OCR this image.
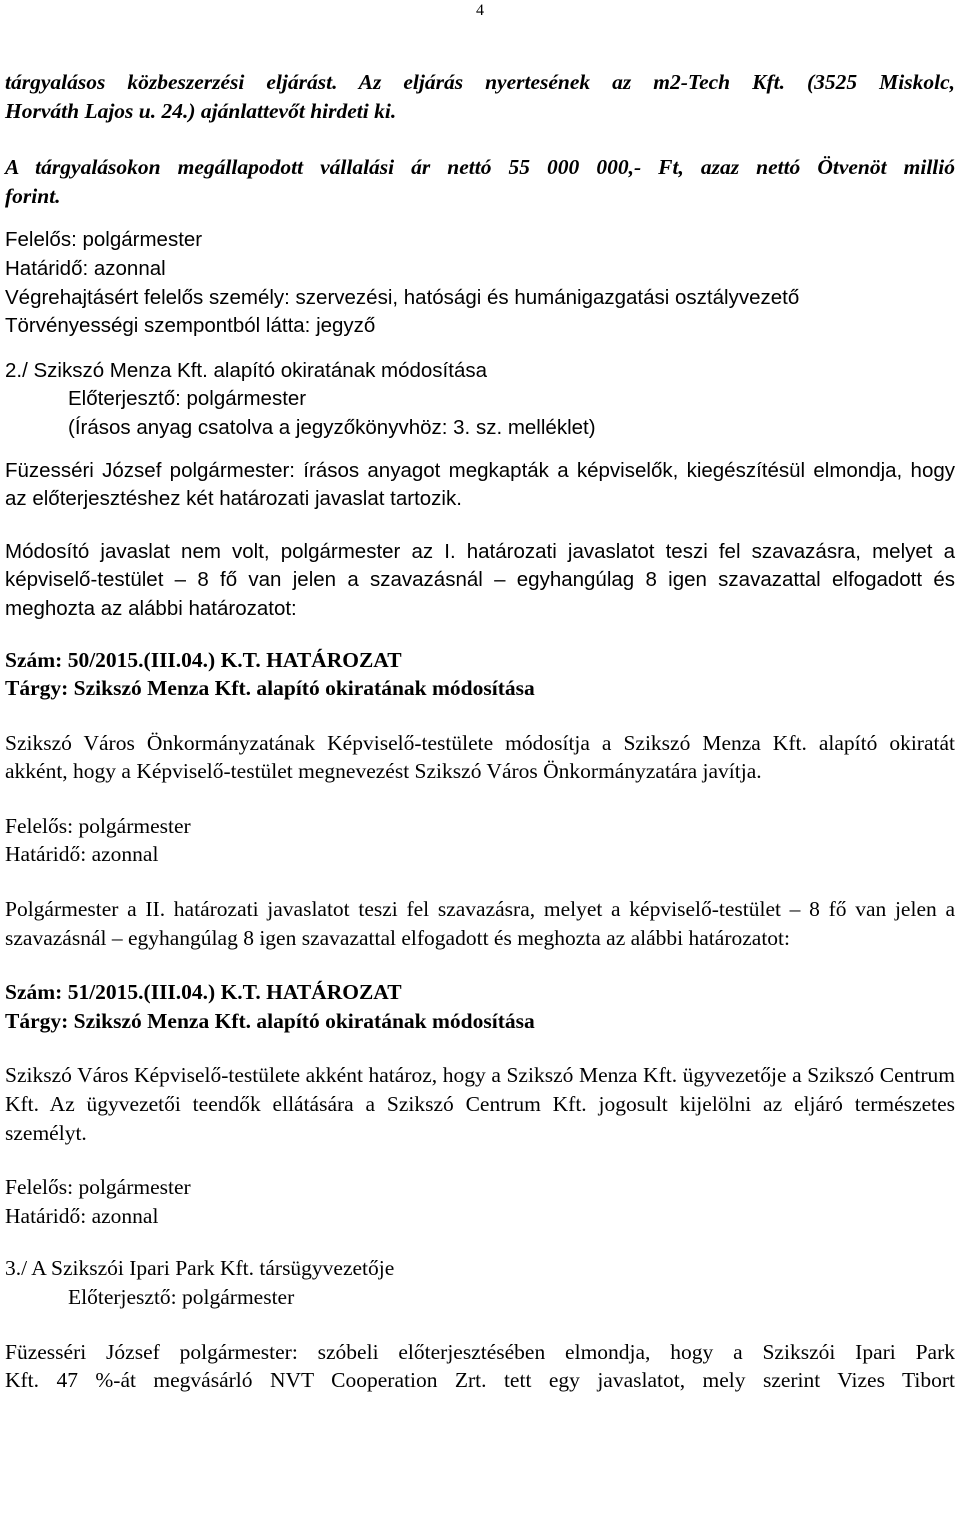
4

tárgyalásos közbeszerzési eljárást. Az eljárás nyertesének az m2-Tech Kft. (3525 Miskolc,

Horváth Lajos u. 24.) ajánlattevőt hirdeti ki.

A tárgyalásokon megállapodott vállalási ár nettó 55 000 000,- Ft, azaz nettó Ötvenöt millió

forint.

Felelős: polgármester

Határidő: azonnal

Végrehajtásért felelős személy: szervezési, hatósági és humánigazgatási osztályvezető

Törvényességi szempontból látta: jegyző

2./ Szikszó Menza Kft. alapító okiratának módosítása

Előterjesztő: polgármester

(Írásos anyag csatolva a jegyzőkönyvhöz: 3. sz. melléklet)

Füzesséri József polgármester: írásos anyagot megkapták a képviselők, kiegészítésül elmondja, hogy az előterjesztéshez két határozati javaslat tartozik.

Módosító javaslat nem volt, polgármester az I. határozati javaslatot teszi fel szavazásra, melyet a képviselő-testület – 8 fő van jelen a szavazásnál – egyhangúlag 8 igen szavazattal elfogadott és meghozta az alábbi határozatot:

Szám: 50/2015.(III.04.) K.T. HATÁROZAT

Tárgy: Szikszó Menza Kft. alapító okiratának módosítása

Szikszó Város Önkormányzatának Képviselő-testülete módosítja a Szikszó Menza Kft. alapító okiratát akként, hogy a Képviselő-testület megnevezést Szikszó Város Önkormányzatára javítja.

Felelős: polgármester

Határidő: azonnal

Polgármester a II. határozati javaslatot teszi fel szavazásra, melyet a képviselő-testület – 8 fő van jelen a szavazásnál – egyhangúlag 8 igen szavazattal elfogadott és meghozta az alábbi határozatot:

Szám: 51/2015.(III.04.) K.T. HATÁROZAT

Tárgy: Szikszó Menza Kft. alapító okiratának módosítása

Szikszó Város Képviselő-testülete akként határoz, hogy a Szikszó Menza Kft. ügyvezetője a Szikszó Centrum Kft. Az ügyvezetői teendők ellátására a Szikszó Centrum Kft. jogosult kijelölni az eljáró természetes személyt.

Felelős: polgármester

Határidő: azonnal

3./ A Szikszói Ipari Park Kft. társügyvezetője

Előterjesztő: polgármester

Füzesséri József polgármester: szóbeli előterjesztésében elmondja, hogy a Szikszói Ipari Park

Kft. 47 %-át megvásárló NVT Cooperation Zrt. tett egy javaslatot, mely szerint Vizes Tibort
